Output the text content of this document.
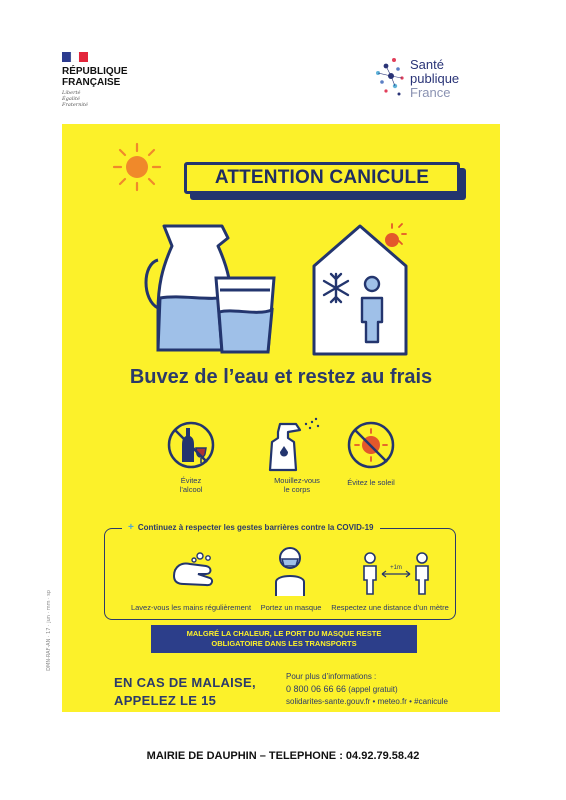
RÉPUBLIQUE
FRANÇAISE
Liberté
Égalité
Fraternité
Santé
publique
France
ATTENTION CANICULE
Buvez de l’eau et restez au frais
Évitez
l’alcool
Mouillez-vous
le corps
Évitez le soleil
+ Continuez à respecter les gestes barrières contre la COVID-19
+1m
Lavez-vous les mains régulièrement	Portez un masque	Respectez une distance d’un mètre
MALGRÉ LA CHALEUR, LE PORT DU MASQUE RESTE
OBLIGATOIRE DANS LES TRANSPORTS
EN CAS DE MALAISE,
APPELEZ LE 15
Pour plus d’informations :
0 800 06 66 66 (appel gratuit)
solidarites-sante.gouv.fr • meteo.fr • #canicule
DMN-RAF-AN · 17 · jun · mm · sp
MAIRIE DE DAUPHIN – TELEPHONE : 04.92.79.58.42
